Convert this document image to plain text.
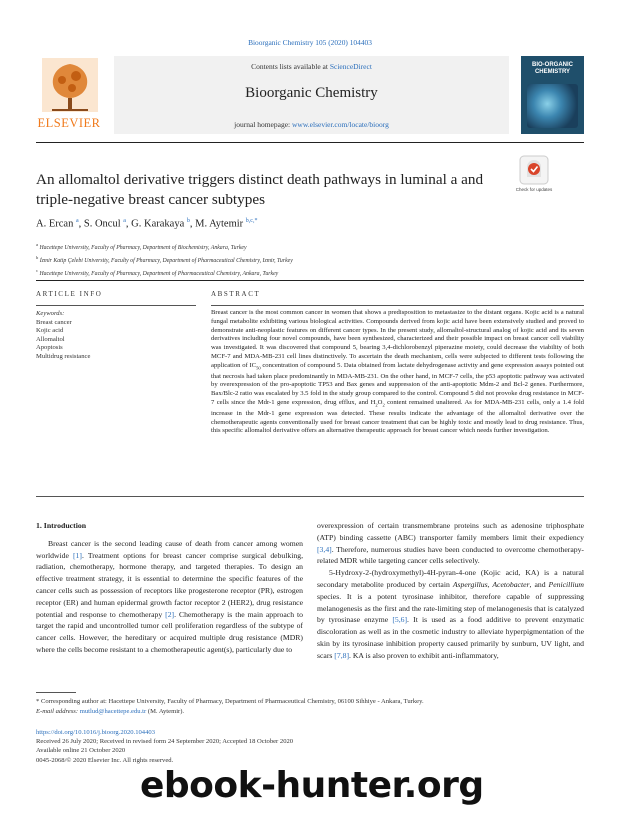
Bioorganic Chemistry 105 (2020) 104403
ELSEVIER
Contents lists available at ScienceDirect
Bioorganic Chemistry
journal homepage: www.elsevier.com/locate/bioorg
BIO-ORGANIC CHEMISTRY
An allomaltol derivative triggers distinct death pathways in luminal a and triple-negative breast cancer subtypes
Check for updates
A. Ercan $^a$, S. Oncul $^a$, G. Karakaya $^b$, M. Aytemir $^{b,c,*}$
$^a$ Hacettepe University, Faculty of Pharmacy, Department of Biochemistry, Ankara, Turkey
$^b$ İzmir Katip Çelebi University, Faculty of Pharmacy, Department of Pharmaceutical Chemistry, Izmir, Turkey
$^c$ Hacettepe University, Faculty of Pharmacy, Department of Pharmaceutical Chemistry, Ankara, Turkey
ARTICLE INFO	ABSTRACT
Keywords:
Breast cancer
Kojic acid
Allomaltol
Apoptosis
Multidrug resistance

Breast cancer is the most common cancer in women that shows a predisposition to metastasize to the distant organs. Kojic acid is a natural fungal metabolite exhibiting various biological activities. Compounds derived from kojic acid have been extensively studied and proved to demonstrate anti-neoplastic features on different cancer types. In the present study, allomaltol-structural analog of kojic acid and its seven derivatives including four novel compounds, have been synthesized, characterized and their possible impact on breast cancer cell viability was investigated. It was discovered that compound 5, bearing 3,4-dichlorobenzyl piperazine moiety, could decrease the viability of both MCF-7 and MDA-MB-231 cell lines distinctively. To ascertain the death mechanism, cells were subjected to different tests following the application of $IC_{50}$ concentration of compound 5. Data obtained from lactate dehydrogenase activity and gene expression assays pointed out that necrosis had taken place predominantly in MDA-MB-231. On the other hand, in MCF-7 cells, the p53 apoptotic pathway was activated by overexpression of the pro-apoptotic TP53 and Bax genes and suppression of the anti-apoptotic Mdm-2 and Bcl-2 genes. Furthermore, Bax/Blc-2 ratio was escalated by 3.5 fold in the study group compared to the control. Compound 5 did not provoke drug resistance in MCF-7 cells since the Mdr-1 gene expression, drug efflux, and $H_2O_2$ content remained unaltered. As for MDA-MB-231 cells, only a 1.4 fold increase in the Mdr-1 gene expression was detected. These results indicate the advantage of the allomaltol derivative over the chemotherapeutic agents conventionally used for breast cancer treatment that can be highly toxic and mostly lead to drug resistance. Thus, this specific allomaltol derivative offers an alternative therapeutic approach for breast cancer which needs further investigation.

1. Introduction

Breast cancer is the second leading cause of death from cancer among women worldwide [1]. Treatment options for breast cancer comprise surgical debulking, radiation, chemotherapy, hormone therapy, and targeted therapies. To design an effective treatment strategy, it is essential to determine the specific features of the cancer cells such as possession of receptors like progesterone receptor (PR), estrogen receptor (ER) and human epidermal growth factor receptor 2 (HER2), drug resistance potential and response to chemotherapy [2]. Chemotherapy is the main approach to target the rapid and uncontrolled tumor cell proliferation regardless of the subtype of cancer cells. However, the hereditary or acquired multiple drug resistance (MDR) where the cells become resistant to a chemotherapeutic agent(s), particularly due to

overexpression of certain transmembrane proteins such as adenosine triphosphate (ATP) binding cassette (ABC) transporter family members limit their expediency [3,4]. Therefore, numerous studies have been conducted to overcome chemotherapy-related MDR while targeting cancer cells selectively.

5-Hydroxy-2-(hydroxymethyl)-4H-pyran-4-one (Kojic acid, KA) is a natural secondary metabolite produced by certain Aspergillus, Acetobacter, and Penicillium species. It is a potent tyrosinase inhibitor, therefore capable of suppressing melanogenesis as the first and the rate-limiting step of melanogenesis that is catalyzed by tyrosinase enzyme [5,6]. It is used as a food additive to prevent enzymatic discoloration as well as in the cosmetic industry to alleviate hyperpigmentation of the skin by its tyrosinase inhibition property caused primarily by sunburn, UV light, and scars [7,8]. KA is also proven to exhibit anti-inflammatory,

* Corresponding author at: Hacettepe University, Faculty of Pharmacy, Department of Pharmaceutical Chemistry, 06100 Sihhiye - Ankara, Turkey.
E-mail address: mutlud@hacettepe.edu.tr (M. Aytemir).
https://doi.org/10.1016/j.bioorg.2020.104403
Received 26 July 2020; Received in revised form 24 September 2020; Accepted 18 October 2020
Available online 21 October 2020
0045-2068/© 2020 Elsevier Inc. All rights reserved.
ebook-hunter.org
